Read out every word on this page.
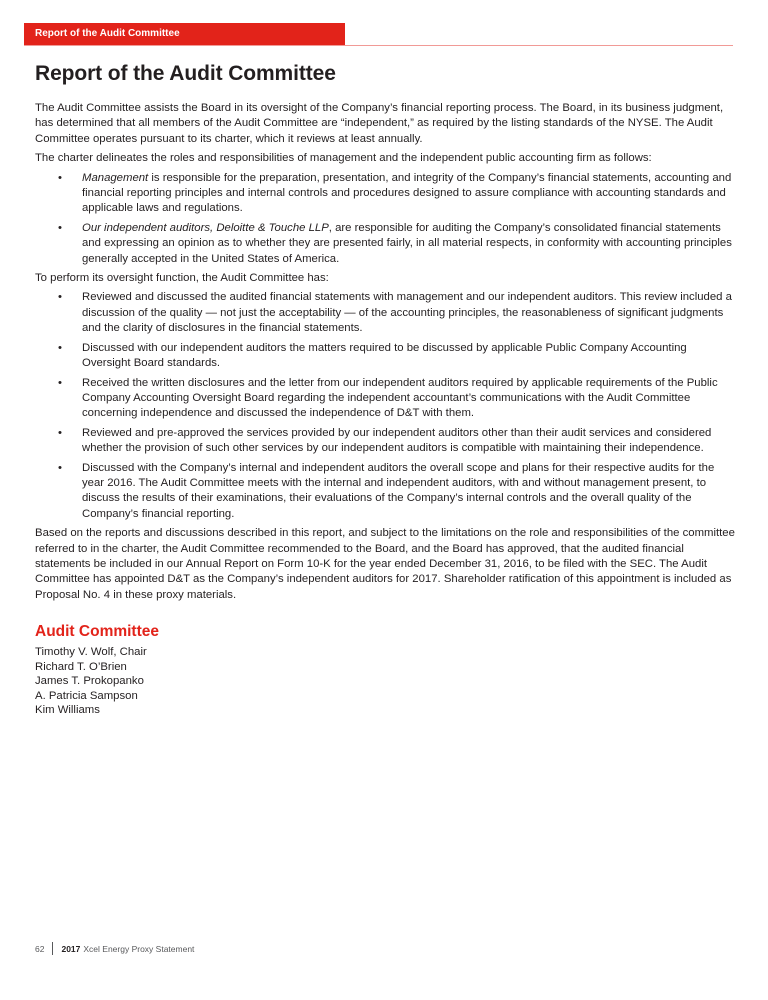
Report of the Audit Committee
Report of the Audit Committee

The Audit Committee assists the Board in its oversight of the Company’s financial reporting process. The Board, in its business judgment, has determined that all members of the Audit Committee are “independent,” as required by the listing standards of the NYSE. The Audit Committee operates pursuant to its charter, which it reviews at least annually.

The charter delineates the roles and responsibilities of management and the independent public accounting firm as follows:

• Management is responsible for the preparation, presentation, and integrity of the Company’s financial statements, accounting and financial reporting principles and internal controls and procedures designed to assure compliance with accounting standards and applicable laws and regulations.
• Our independent auditors, Deloitte & Touche LLP, are responsible for auditing the Company’s consolidated financial statements and expressing an opinion as to whether they are presented fairly, in all material respects, in conformity with accounting principles generally accepted in the United States of America.

To perform its oversight function, the Audit Committee has:

• Reviewed and discussed the audited financial statements with management and our independent auditors. This review included a discussion of the quality — not just the acceptability — of the accounting principles, the reasonableness of significant judgments and the clarity of disclosures in the financial statements.
• Discussed with our independent auditors the matters required to be discussed by applicable Public Company Accounting Oversight Board standards.
• Received the written disclosures and the letter from our independent auditors required by applicable requirements of the Public Company Accounting Oversight Board regarding the independent accountant’s communications with the Audit Committee concerning independence and discussed the independence of D&T with them.
• Reviewed and pre-approved the services provided by our independent auditors other than their audit services and considered whether the provision of such other services by our independent auditors is compatible with maintaining their independence.
• Discussed with the Company’s internal and independent auditors the overall scope and plans for their respective audits for the year 2016. The Audit Committee meets with the internal and independent auditors, with and without management present, to discuss the results of their examinations, their evaluations of the Company’s internal controls and the overall quality of the Company’s financial reporting.

Based on the reports and discussions described in this report, and subject to the limitations on the role and responsibilities of the committee referred to in the charter, the Audit Committee recommended to the Board, and the Board has approved, that the audited financial statements be included in our Annual Report on Form 10-K for the year ended December 31, 2016, to be filed with the SEC. The Audit Committee has appointed D&T as the Company’s independent auditors for 2017. Shareholder ratification of this appointment is included as Proposal No. 4 in these proxy materials.

Audit Committee
Timothy V. Wolf, Chair
Richard T. O’Brien
James T. Prokopanko
A. Patricia Sampson
Kim Williams
62 2017 Xcel Energy Proxy Statement
